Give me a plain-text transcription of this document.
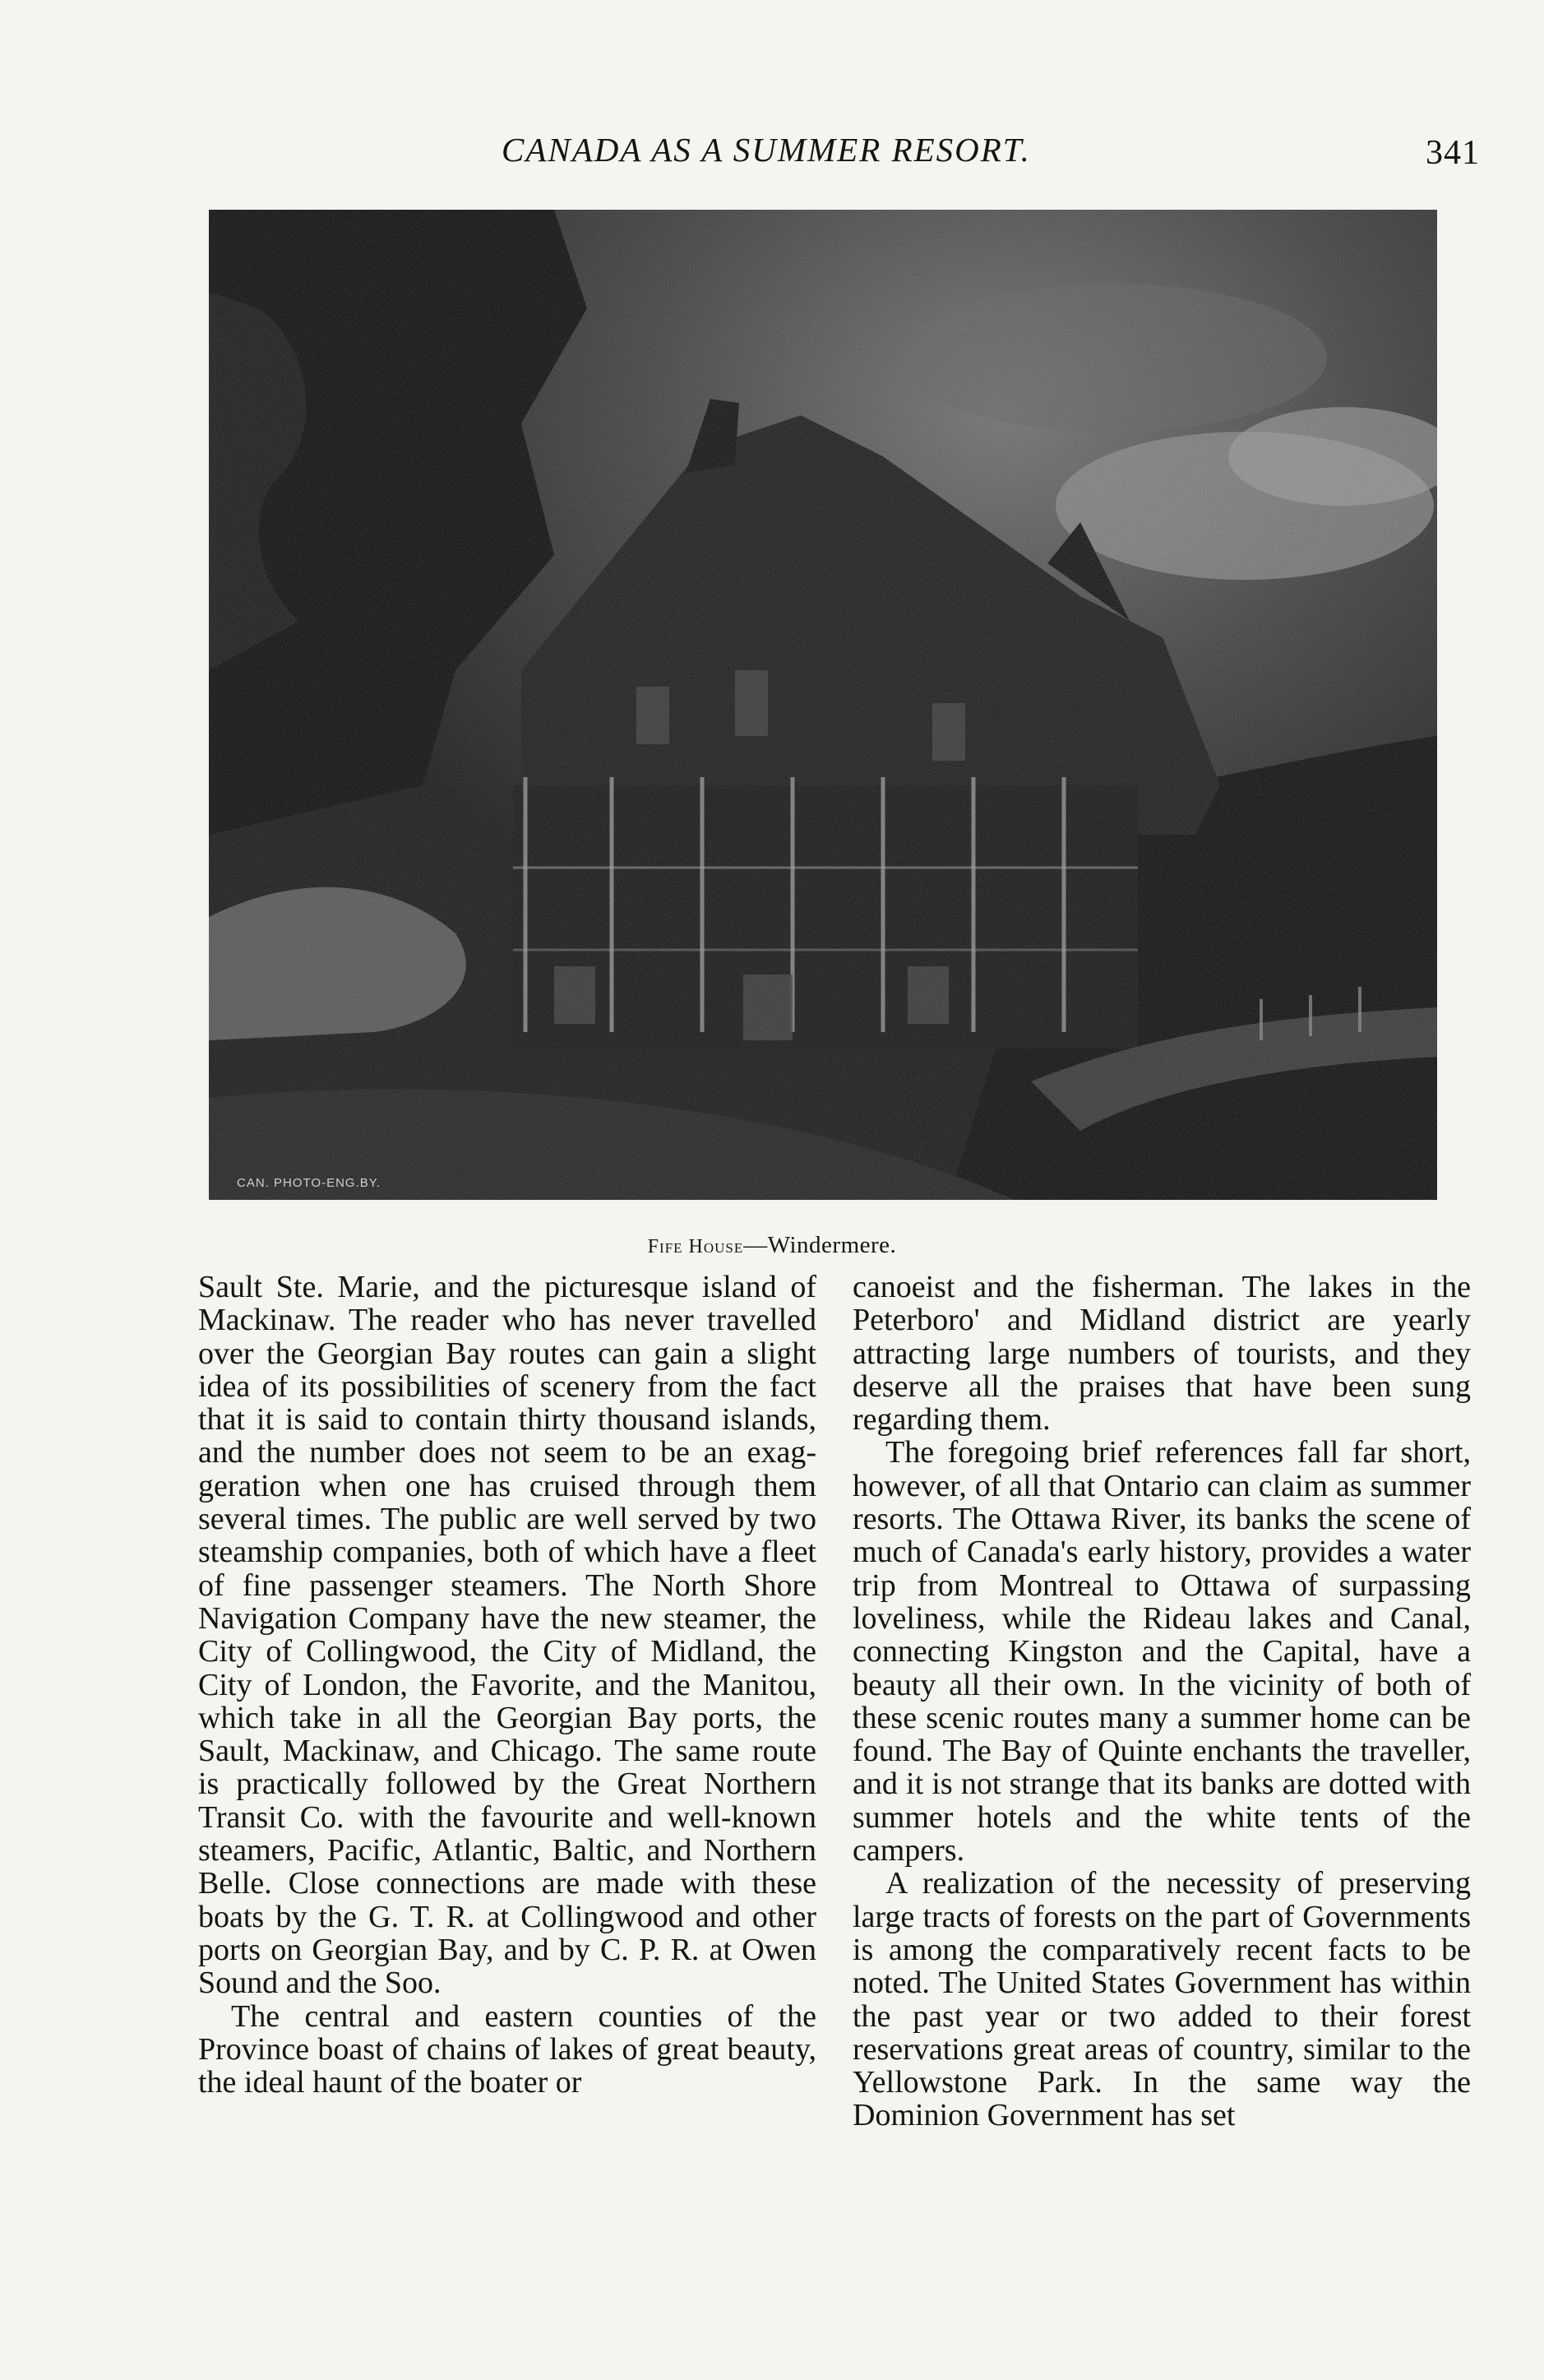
CANADA AS A SUMMER RESORT.	341
CAN. PHOTO-ENG.BY.
Fife House—Windermere.

Sault Ste. Marie, and the picturesque island of Mackinaw. The reader who has never travelled over the Georgian Bay routes can gain a slight idea of its possibilities of scenery from the fact that it is said to contain thirty thousand islands, and the number does not seem to be an exaggeration when one has cruised through them several times. The public are well served by two steamship companies, both of which have a fleet of fine passenger steamers. The North Shore Navigation Company have the new steamer, the City of Collingwood, the City of Midland, the City of London, the Favorite, and the Manitou, which take in all the Georgian Bay ports, the Sault, Mackinaw, and Chicago. The same route is practically followed by the Great Northern Transit Co. with the favourite and well-known steamers, Pacific, Atlantic, Baltic, and Northern Belle. Close connections are made with these boats by the G. T. R. at Collingwood and other ports on Georgian Bay, and by C. P. R. at Owen Sound and the Soo.

The central and eastern counties of the Province boast of chains of lakes of great beauty, the ideal haunt of the boater or

canoeist and the fisherman. The lakes in the Peterboro' and Midland district are yearly attracting large numbers of tourists, and they deserve all the praises that have been sung regarding them.

The foregoing brief references fall far short, however, of all that Ontario can claim as summer resorts. The Ottawa River, its banks the scene of much of Canada's early history, provides a water trip from Montreal to Ottawa of surpassing loveliness, while the Rideau lakes and Canal, connecting Kingston and the Capital, have a beauty all their own. In the vicinity of both of these scenic routes many a summer home can be found. The Bay of Quinte enchants the traveller, and it is not strange that its banks are dotted with summer hotels and the white tents of the campers.

A realization of the necessity of preserving large tracts of forests on the part of Governments is among the comparatively recent facts to be noted. The United States Government has within the past year or two added to their forest reservations great areas of country, similar to the Yellowstone Park. In the same way the Dominion Government has set
